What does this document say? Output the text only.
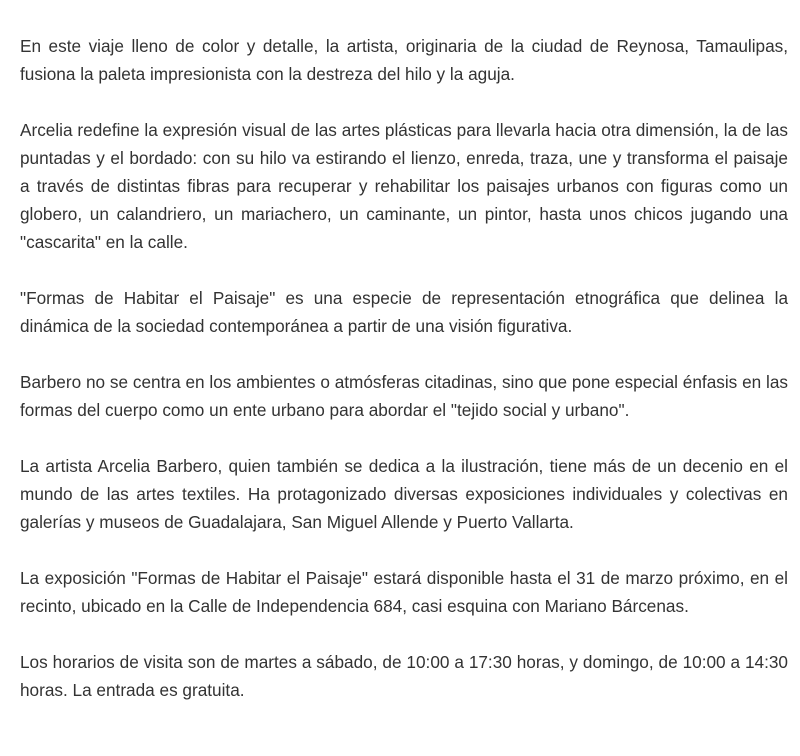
En este viaje lleno de color y detalle, la artista, originaria de la ciudad de Reynosa, Tamaulipas, fusiona la paleta impresionista con la destreza del hilo y la aguja.

Arcelia redefine la expresión visual de las artes plásticas para llevarla hacia otra dimensión, la de las puntadas y el bordado: con su hilo va estirando el lienzo, enreda, traza, une y transforma el paisaje a través de distintas fibras para recuperar y rehabilitar los paisajes urbanos con figuras como un globero, un calandriero, un mariachero, un caminante, un pintor, hasta unos chicos jugando una "cascarita" en la calle.

"Formas de Habitar el Paisaje" es una especie de representación etnográfica que delinea la dinámica de la sociedad contemporánea a partir de una visión figurativa.

Barbero no se centra en los ambientes o atmósferas citadinas, sino que pone especial énfasis en las formas del cuerpo como un ente urbano para abordar el "tejido social y urbano".

La artista Arcelia Barbero, quien también se dedica a la ilustración, tiene más de un decenio en el mundo de las artes textiles. Ha protagonizado diversas exposiciones individuales y colectivas en galerías y museos de Guadalajara, San Miguel Allende y Puerto Vallarta.

La exposición "Formas de Habitar el Paisaje" estará disponible hasta el 31 de marzo próximo, en el recinto, ubicado en la Calle de Independencia 684, casi esquina con Mariano Bárcenas.

Los horarios de visita son de martes a sábado, de 10:00 a 17:30 horas, y domingo, de 10:00 a 14:30 horas. La entrada es gratuita.
